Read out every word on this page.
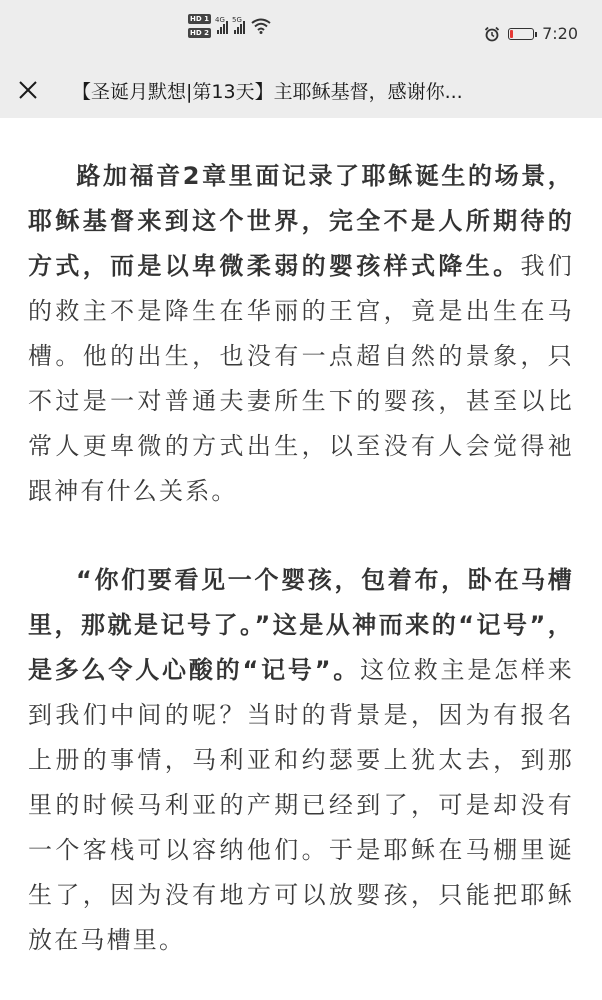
HD 1
HD 2
4G 5G
7:20
【圣诞月默想|第13天】主耶稣基督，感谢你...

路加福音2章里面记录了耶稣诞生的场景，耶稣基督来到这个世界，完全不是人所期待的方式，而是以卑微柔弱的婴孩样式降生。我们的救主不是降生在华丽的王宫，竟是出生在马槽。他的出生，也没有一点超自然的景象，只不过是一对普通夫妻所生下的婴孩，甚至以比常人更卑微的方式出生，以至没有人会觉得祂跟神有什么关系。

“你们要看见一个婴孩，包着布，卧在马槽里，那就是记号了。”这是从神而来的“记号”，是多么令人心酸的“记号”。这位救主是怎样来到我们中间的呢？当时的背景是，因为有报名上册的事情，马利亚和约瑟要上犹太去，到那里的时候马利亚的产期已经到了，可是却没有一个客栈可以容纳他们。于是耶稣在马棚里诞生了，因为没有地方可以放婴孩，只能把耶稣放在马槽里。
